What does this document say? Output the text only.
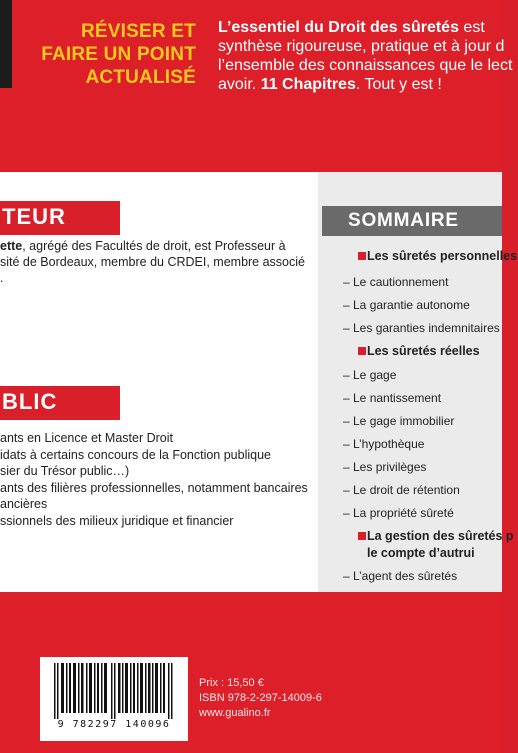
RÉVISER ET
FAIRE UN POINT
ACTUALISÉ
L’essentiel du Droit des sûretés est
synthèse rigoureuse, pratique et à jour d
l’ensemble des connaissances que le lect
avoir. 11 Chapitres. Tout y est !
TEUR
ette, agrégé des Facultés de droit, est Professeur à
sité de Bordeaux, membre du CRDEI, membre associé
.
BLIC
ants en Licence et Master Droit
idats à certains concours de la Fonction publique
sier du Trésor public…)
ants des filières professionnelles, notamment bancaires
ancières
ssionnels des milieux juridique et financier
SOMMAIRE
Les sûretés personnelles
– Le cautionnement
– La garantie autonome
– Les garanties indemnitaires
Les sûretés réelles
– Le gage
– Le nantissement
– Le gage immobilier
– L’hypothèque
– Les privilèges
– Le droit de rétention
– La propriété sûreté
La gestion des sûretés p
le compte d’autrui
– L’agent des sûretés
9 782297 140096
Prix : 15,50 €
ISBN 978-2-297-14009-6
www.gualino.fr
